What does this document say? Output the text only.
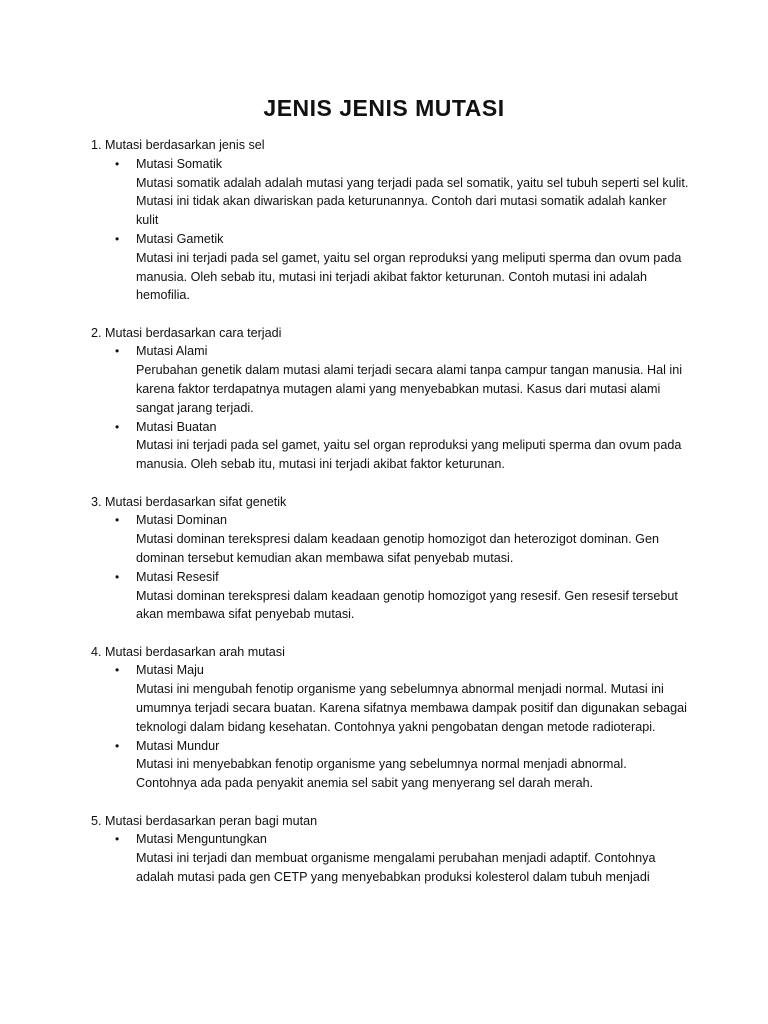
JENIS JENIS MUTASI

1. Mutasi berdasarkan jenis sel

• Mutasi Somatik
Mutasi somatik adalah adalah mutasi yang terjadi pada sel somatik, yaitu sel tubuh seperti sel kulit. Mutasi ini tidak akan diwariskan pada keturunannya. Contoh dari mutasi somatik adalah kanker kulit
• Mutasi Gametik
Mutasi ini terjadi pada sel gamet, yaitu sel organ reproduksi yang meliputi sperma dan ovum pada manusia. Oleh sebab itu, mutasi ini terjadi akibat faktor keturunan. Contoh mutasi ini adalah hemofilia.

2. Mutasi berdasarkan cara terjadi

• Mutasi Alami
Perubahan genetik dalam mutasi alami terjadi secara alami tanpa campur tangan manusia. Hal ini karena faktor terdapatnya mutagen alami yang menyebabkan mutasi. Kasus dari mutasi alami sangat jarang terjadi.
• Mutasi Buatan
Mutasi ini terjadi pada sel gamet, yaitu sel organ reproduksi yang meliputi sperma dan ovum pada manusia. Oleh sebab itu, mutasi ini terjadi akibat faktor keturunan.

3. Mutasi berdasarkan sifat genetik

• Mutasi Dominan
Mutasi dominan terekspresi dalam keadaan genotip homozigot dan heterozigot dominan. Gen dominan tersebut kemudian akan membawa sifat penyebab mutasi.
• Mutasi Resesif
Mutasi dominan terekspresi dalam keadaan genotip homozigot yang resesif. Gen resesif tersebut akan membawa sifat penyebab mutasi.

4. Mutasi berdasarkan arah mutasi

• Mutasi Maju
Mutasi ini mengubah fenotip organisme yang sebelumnya abnormal menjadi normal. Mutasi ini umumnya terjadi secara buatan. Karena sifatnya membawa dampak positif dan digunakan sebagai teknologi dalam bidang kesehatan. Contohnya yakni pengobatan dengan metode radioterapi.
• Mutasi Mundur
Mutasi ini menyebabkan fenotip organisme yang sebelumnya normal menjadi abnormal. Contohnya ada pada penyakit anemia sel sabit yang menyerang sel darah merah.

5. Mutasi berdasarkan peran bagi mutan

• Mutasi Menguntungkan
Mutasi ini terjadi dan membuat organisme mengalami perubahan menjadi adaptif. Contohnya adalah mutasi pada gen CETP yang menyebabkan produksi kolesterol dalam tubuh menjadi
